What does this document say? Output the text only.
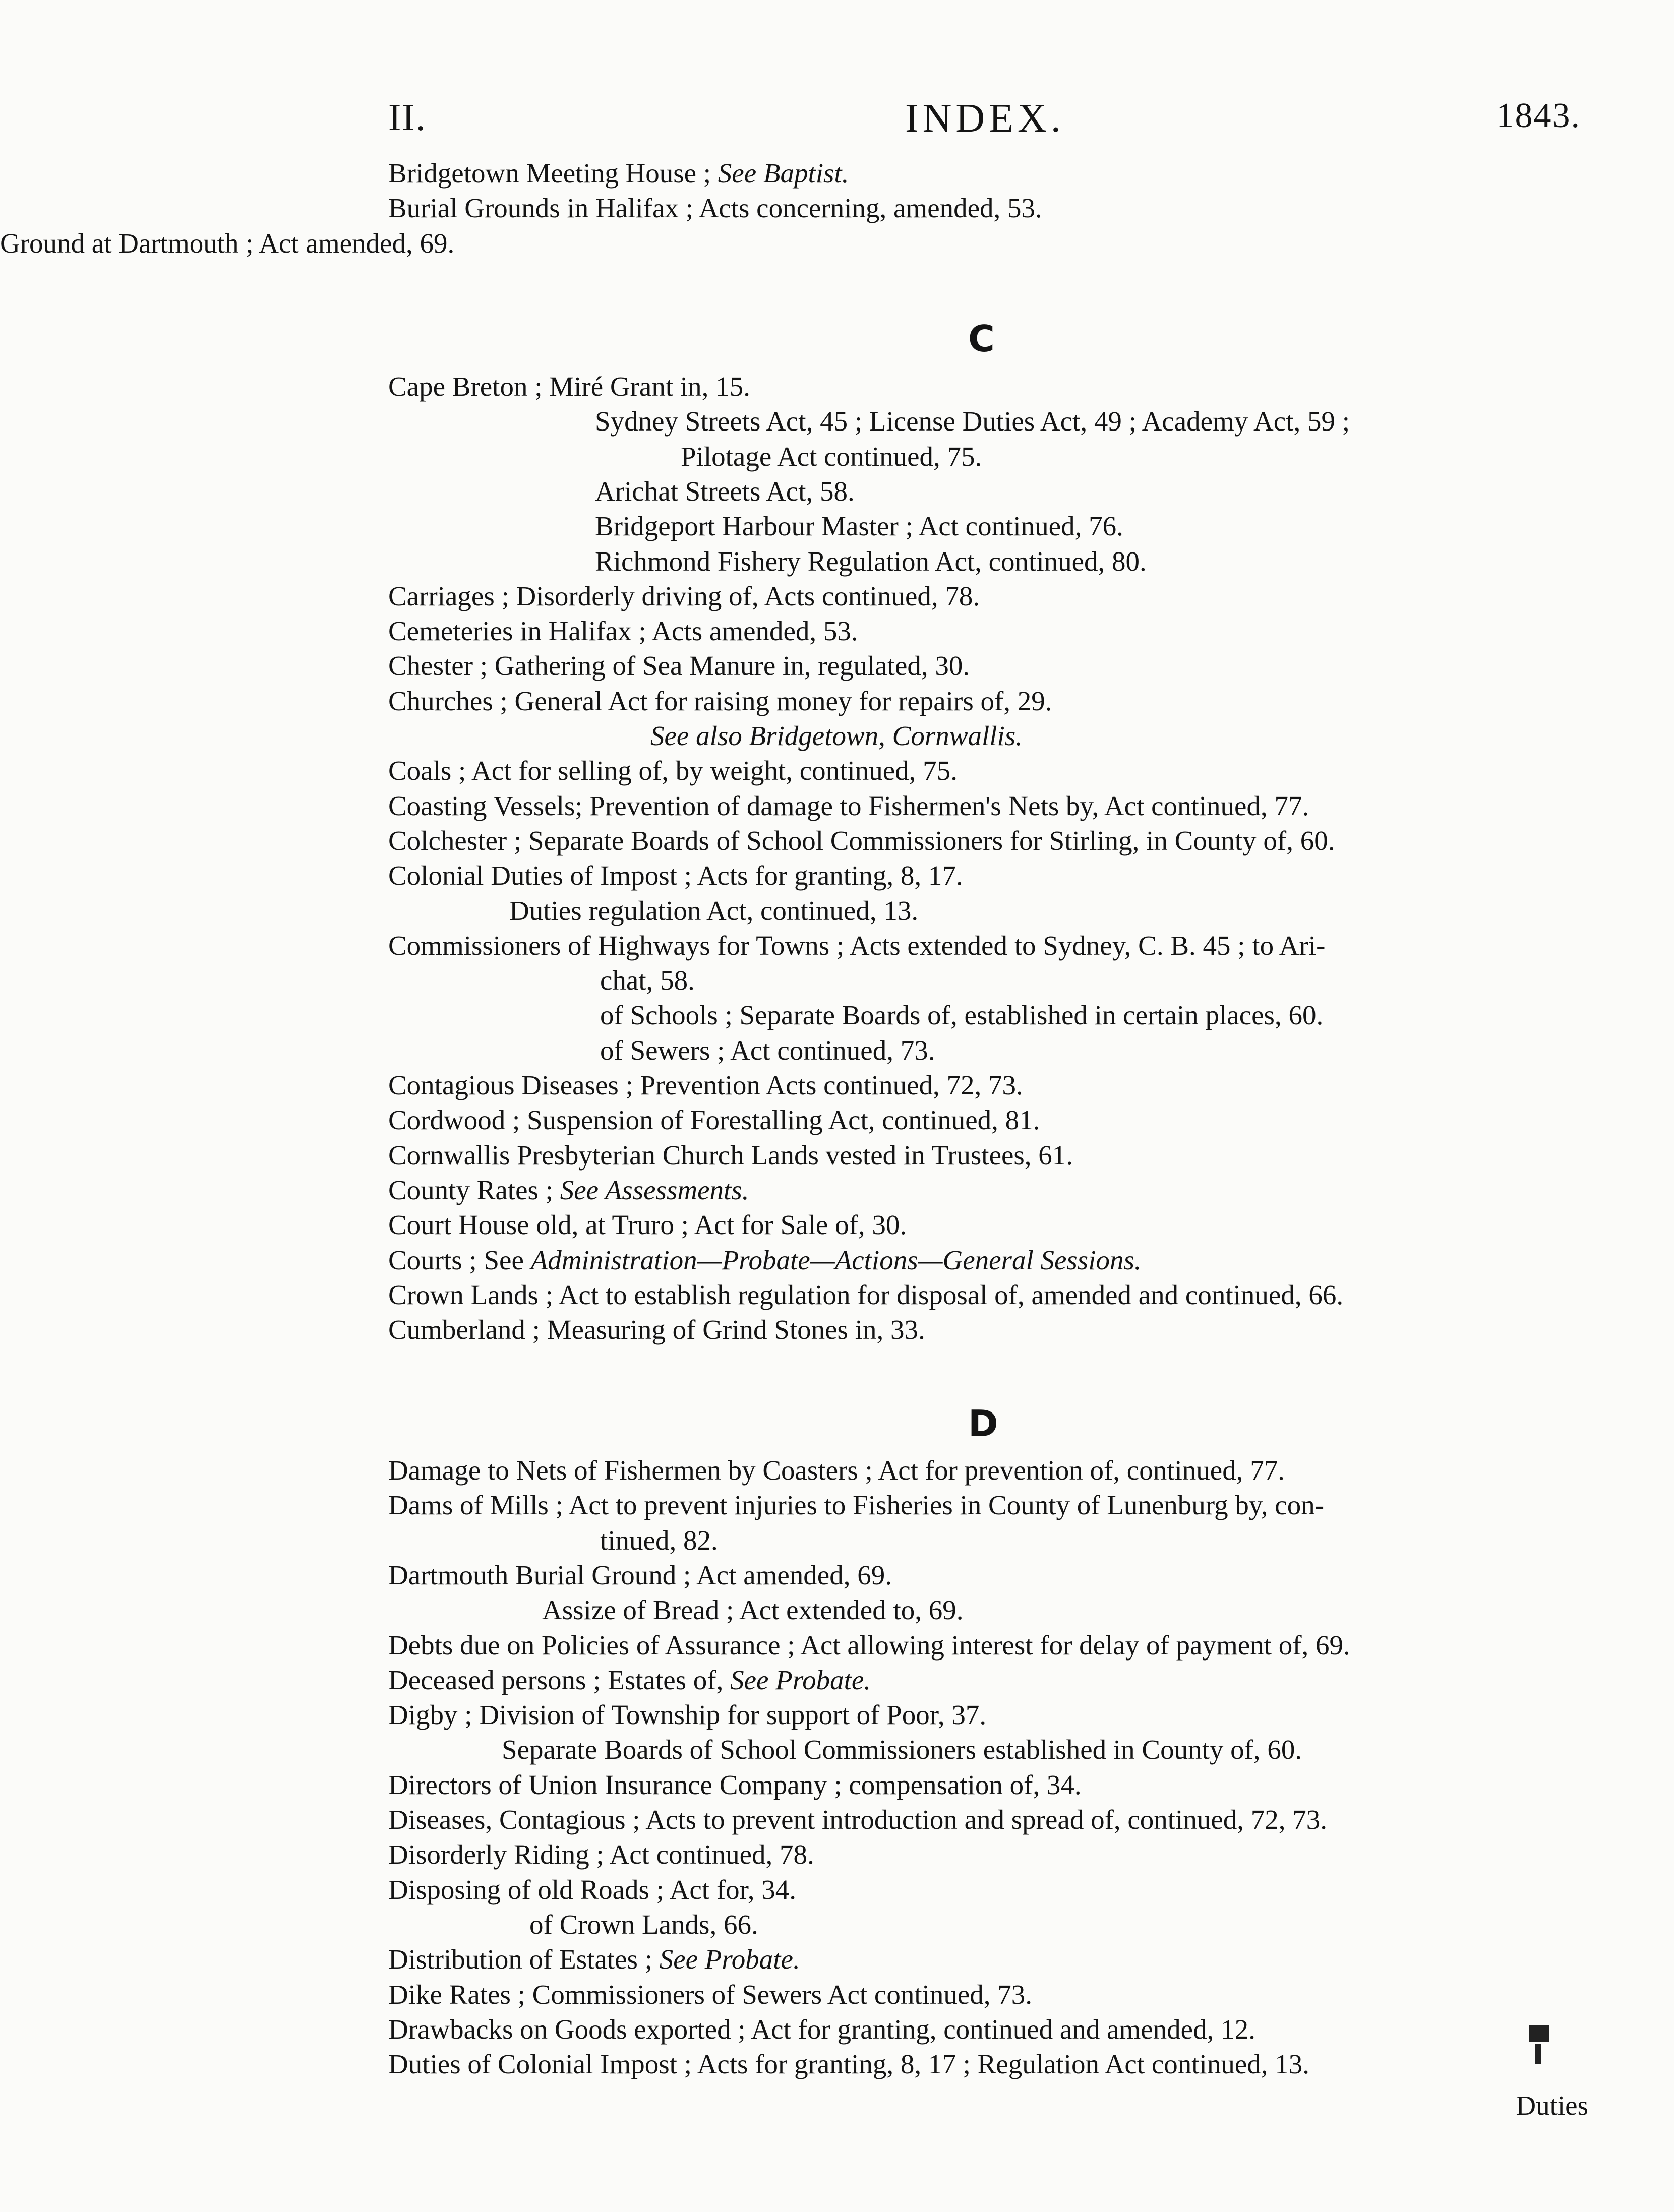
II.	INDEX.	1843.
Bridgetown Meeting House ; See Baptist.
Burial Grounds in Halifax ; Acts concerning, amended, 53.
Ground at Dartmouth ; Act amended, 69.
C
Cape Breton ; Miré Grant in, 15.
Sydney Streets Act, 45 ; License Duties Act, 49 ; Academy Act, 59 ;
Pilotage Act continued, 75.
Arichat Streets Act, 58.
Bridgeport Harbour Master ; Act continued, 76.
Richmond Fishery Regulation Act, continued, 80.
Carriages ; Disorderly driving of, Acts continued, 78.
Cemeteries in Halifax ; Acts amended, 53.
Chester ; Gathering of Sea Manure in, regulated, 30.
Churches ; General Act for raising money for repairs of, 29.
See also Bridgetown, Cornwallis.
Coals ; Act for selling of, by weight, continued, 75.
Coasting Vessels; Prevention of damage to Fishermen's Nets by, Act continued, 77.
Colchester ; Separate Boards of School Commissioners for Stirling, in County of, 60.
Colonial Duties of Impost ; Acts for granting, 8, 17.
Duties regulation Act, continued, 13.
Commissioners of Highways for Towns ; Acts extended to Sydney, C. B. 45 ; to Ari-
chat, 58.
of Schools ; Separate Boards of, established in certain places, 60.
of Sewers ; Act continued, 73.
Contagious Diseases ; Prevention Acts continued, 72, 73.
Cordwood ; Suspension of Forestalling Act, continued, 81.
Cornwallis Presbyterian Church Lands vested in Trustees, 61.
County Rates ; See Assessments.
Court House old, at Truro ; Act for Sale of, 30.
Courts ; See Administration—Probate—Actions—General Sessions.
Crown Lands ; Act to establish regulation for disposal of, amended and continued, 66.
Cumberland ; Measuring of Grind Stones in, 33.
D
Damage to Nets of Fishermen by Coasters ; Act for prevention of, continued, 77.
Dams of Mills ; Act to prevent injuries to Fisheries in County of Lunenburg by, con-
tinued, 82.
Dartmouth Burial Ground ; Act amended, 69.
Assize of Bread ; Act extended to, 69.
Debts due on Policies of Assurance ; Act allowing interest for delay of payment of, 69.
Deceased persons ; Estates of, See Probate.
Digby ; Division of Township for support of Poor, 37.
Separate Boards of School Commissioners established in County of, 60.
Directors of Union Insurance Company ; compensation of, 34.
Diseases, Contagious ; Acts to prevent introduction and spread of, continued, 72, 73.
Disorderly Riding ; Act continued, 78.
Disposing of old Roads ; Act for, 34.
of Crown Lands, 66.
Distribution of Estates ; See Probate.
Dike Rates ; Commissioners of Sewers Act continued, 73.
Drawbacks on Goods exported ; Act for granting, continued and amended, 12.
Duties of Colonial Impost ; Acts for granting, 8, 17 ; Regulation Act continued, 13.
Duties
